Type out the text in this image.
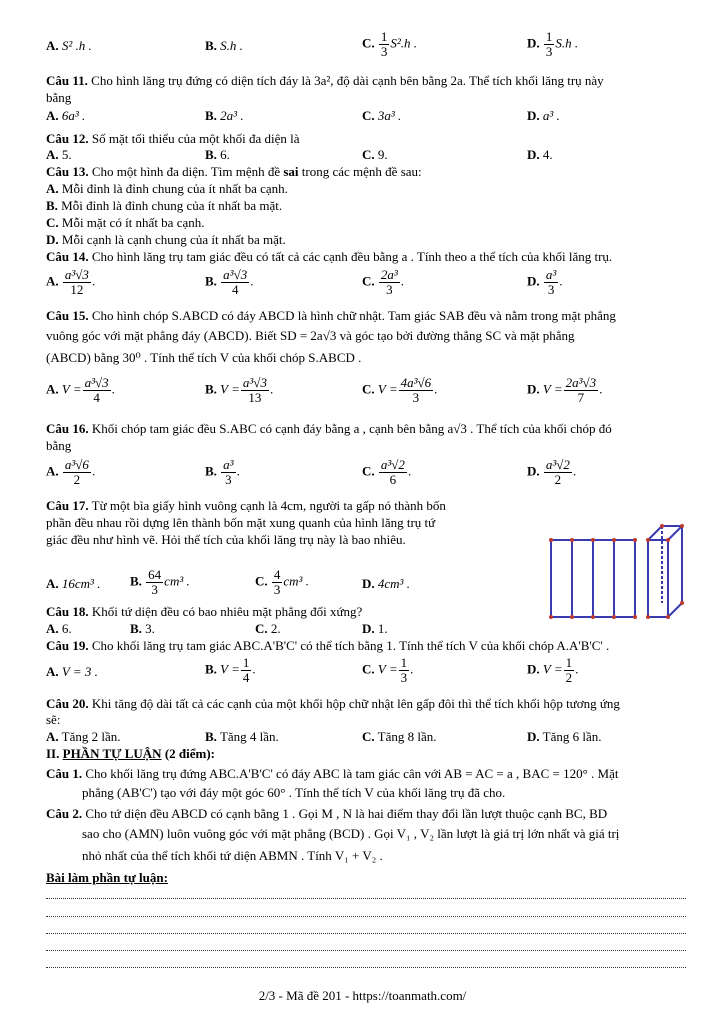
A. S² .h .	B. S.h .	C. $\frac{1}{3} S^2.h$ .	D. $\frac{1}{3} S.h$ .
Câu 11. Cho hình lăng trụ đứng có diện tích đáy là 3a², độ dài cạnh bên bằng 2a. Thể tích khối lăng trụ này
bằng
A. 6a³ .	B. 2a³ .	C. 3a³ .	D. a³ .
Câu 12. Số mặt tối thiểu của một khối đa diện là
A. 5.	B. 6.	C. 9.	D. 4.
Câu 13. Cho một hình đa diện. Tìm mệnh đề sai trong các mệnh đề sau:
A. Mỗi đỉnh là đỉnh chung của ít nhất ba cạnh.
B. Mỗi đỉnh là đỉnh chung của ít nhất ba mặt.
C. Mỗi mặt có ít nhất ba cạnh.
D. Mỗi cạnh là cạnh chung của ít nhất ba mặt.
Câu 14. Cho hình lăng trụ tam giác đều có tất cả các cạnh đều bằng a . Tính theo a thể tích của khối lăng trụ.
A. $\frac{\text{a³√3}}{12}$ .	B. $\frac{\text{a³√3}}{4}$ .	C. $\frac{\text{2a³}}{3}$ .	D. $\frac{\text{a³}}{3}$ .
Câu 15. Cho hình chóp S.ABCD có đáy ABCD là hình chữ nhật. Tam giác SAB đều và nằm trong mặt phẳng
vuông góc với mặt phẳng đáy (ABCD). Biết SD = 2a√3 và góc tạo bởi đường thẳng SC và mặt phẳng
(ABCD) bằng 30⁰ . Tính thể tích V của khối chóp S.ABCD .
A. $V = \frac{\text{a³√3}}{4}$ .	B. $V = \frac{\text{a³√3}}{13}$ .	C. $V = \frac{\text{4a³√6}}{3}$ .	D. $V = \frac{\text{2a³√3}}{7}$ .
Câu 16. Khối chóp tam giác đều S.ABC có cạnh đáy bằng a , cạnh bên bằng a√3 . Thể tích của khối chóp đó
bằng
A. $\frac{\text{a³√6}}{2}$ .	B. $\frac{\text{a³}}{3}$ .	C. $\frac{\text{a³√2}}{6}$ .	D. $\frac{\text{a³√2}}{2}$ .
Câu 17. Từ một bìa giấy hình vuông cạnh là 4cm, người ta gấp nó thành bốn
phần đều nhau rồi dựng lên thành bốn mặt xung quanh của hình lăng trụ tứ
giác đều như hình vẽ. Hỏi thể tích của khối lăng trụ này là bao nhiêu.
A. 16cm³ . B. $\frac{64}{3} cm^3$ .	C. $\frac{4}{3} cm^3$ .	D. 4cm³ .
Câu 18. Khối tứ diện đều có bao nhiêu mặt phẳng đối xứng?
A. 6.	B. 3.	C. 2.	D. 1.
Câu 19. Cho khối lăng trụ tam giác ABC.A'B'C' có thể tích bằng 1. Tính thể tích V của khối chóp A.A'B'C' .
A. V = 3 .	B. $V = \frac{1}{4}$ .	C. $V = \frac{1}{3}$ .	D. $V = \frac{1}{2}$ .
Câu 20. Khi tăng độ dài tất cả các cạnh của một khối hộp chữ nhật lên gấp đôi thì thể tích khối hộp tương ứng
sẽ:
A. Tăng 2 lần.	B. Tăng 4 lần.	C. Tăng 8 lần.	D. Tăng 6 lần.
II. PHẦN TỰ LUẬN (2 điểm):
Câu 1. Cho khối lăng trụ đứng ABC.A'B'C' có đáy ABC là tam giác cân với AB = AC = a , BAC = 120° . Mặt
phẳng (AB'C') tạo với đáy một góc 60° . Tính thể tích V của khối lăng trụ đã cho.
Câu 2. Cho tứ diện đều ABCD có cạnh bằng 1 . Gọi M , N là hai điểm thay đổi lần lượt thuộc cạnh BC, BD
sao cho (AMN) luôn vuông góc với mặt phẳng (BCD) . Gọi V₁ , V₂ lần lượt là giá trị lớn nhất và giá trị
nhỏ nhất của thể tích khối tứ diện ABMN . Tính V₁ + V₂ .
Bài làm phần tự luận:
2/3 - Mã đề 201 - https://toanmath.com/
